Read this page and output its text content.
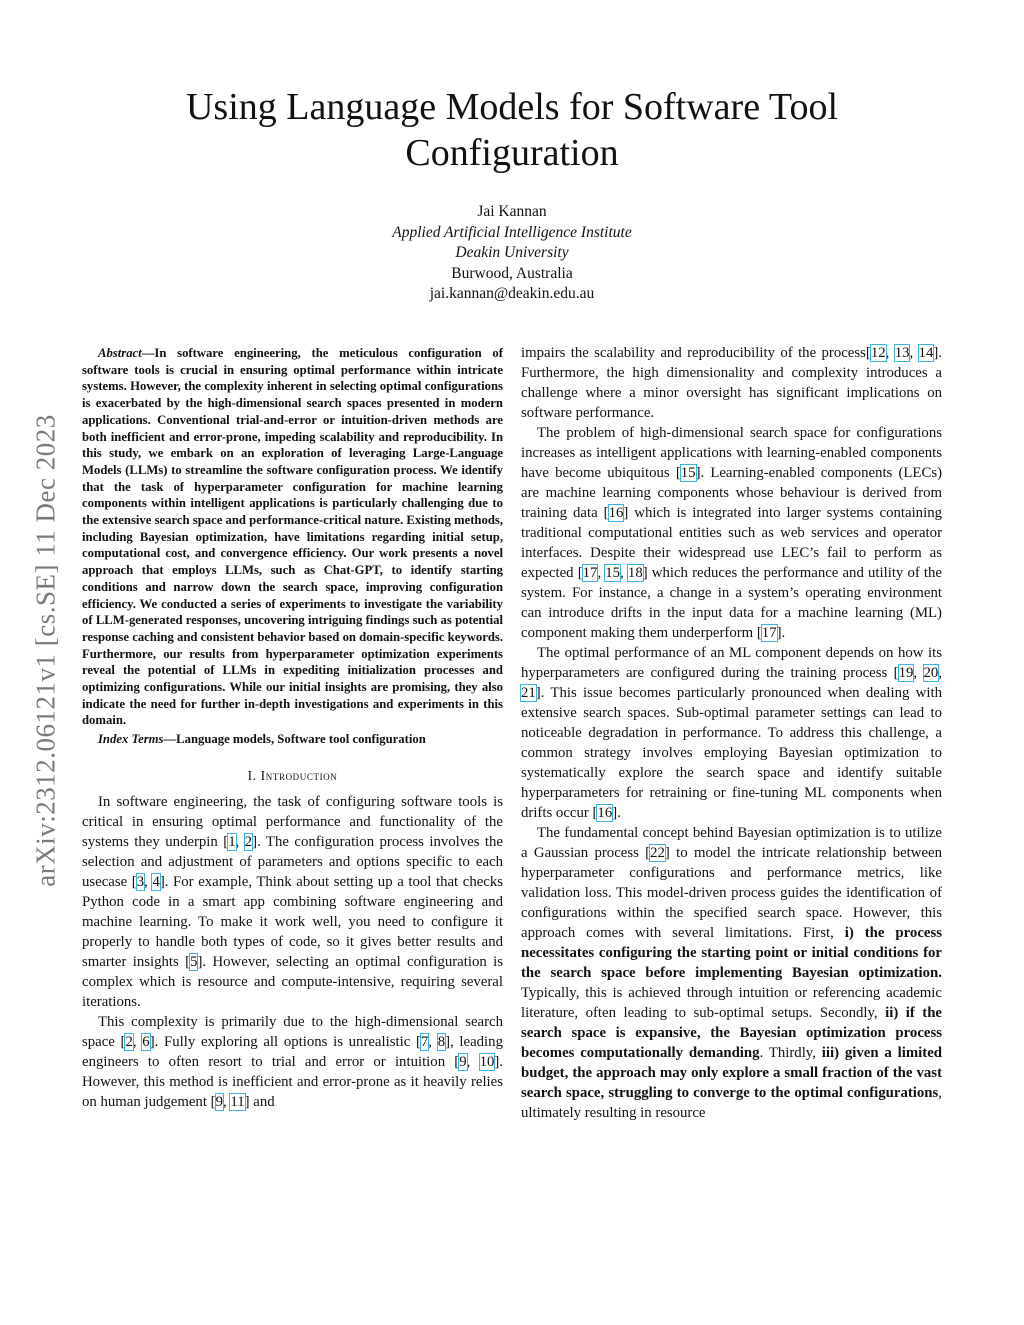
Using Language Models for Software Tool
Configuration
Jai Kannan
Applied Artificial Intelligence Institute
Deakin University
Burwood, Australia
jai.kannan@deakin.edu.au
arXiv:2312.06121v1 [cs.SE] 11 Dec 2023

Abstract—In software engineering, the meticulous configuration of software tools is crucial in ensuring optimal performance within intricate systems. However, the complexity inherent in selecting optimal configurations is exacerbated by the high-dimensional search spaces presented in modern applications. Conventional trial-and-error or intuition-driven methods are both inefficient and error-prone, impeding scalability and reproducibility. In this study, we embark on an exploration of leveraging Large-Language Models (LLMs) to streamline the software configuration process. We identify that the task of hyperparameter configuration for machine learning components within intelligent applications is particularly challenging due to the extensive search space and performance-critical nature. Existing methods, including Bayesian optimization, have limitations regarding initial setup, computational cost, and convergence efficiency. Our work presents a novel approach that employs LLMs, such as Chat-GPT, to identify starting conditions and narrow down the search space, improving configuration efficiency. We conducted a series of experiments to investigate the variability of LLM-generated responses, uncovering intriguing findings such as potential response caching and consistent behavior based on domain-specific keywords. Furthermore, our results from hyperparameter optimization experiments reveal the potential of LLMs in expediting initialization processes and optimizing configurations. While our initial insights are promising, they also indicate the need for further in-depth investigations and experiments in this domain.

Index Terms—Language models, Software tool configuration

I. Introduction

In software engineering, the task of configuring software tools is critical in ensuring optimal performance and functionality of the systems they underpin [1, 2]. The configuration process involves the selection and adjustment of parameters and options specific to each usecase [3, 4]. For example, Think about setting up a tool that checks Python code in a smart app combining software engineering and machine learning. To make it work well, you need to configure it properly to handle both types of code, so it gives better results and smarter insights [5]. However, selecting an optimal configuration is complex which is resource and compute-intensive, requiring several iterations.

This complexity is primarily due to the high-dimensional search space [2, 6]. Fully exploring all options is unrealistic [7, 8], leading engineers to often resort to trial and error or intuition [9, 10]. However, this method is inefficient and error-prone as it heavily relies on human judgement [9, 11] and

impairs the scalability and reproducibility of the process[12, 13, 14]. Furthermore, the high dimensionality and complexity introduces a challenge where a minor oversight has significant implications on software performance.

The problem of high-dimensional search space for configurations increases as intelligent applications with learning-enabled components have become ubiquitous [15]. Learning-enabled components (LECs) are machine learning components whose behaviour is derived from training data [16] which is integrated into larger systems containing traditional computational entities such as web services and operator interfaces. Despite their widespread use LEC’s fail to perform as expected [17, 15, 18] which reduces the performance and utility of the system. For instance, a change in a system’s operating environment can introduce drifts in the input data for a machine learning (ML) component making them underperform [17].

The optimal performance of an ML component depends on how its hyperparameters are configured during the training process [19, 20, 21]. This issue becomes particularly pronounced when dealing with extensive search spaces. Sub-optimal parameter settings can lead to noticeable degradation in performance. To address this challenge, a common strategy involves employing Bayesian optimization to systematically explore the search space and identify suitable hyperparameters for retraining or fine-tuning ML components when drifts occur [16].

The fundamental concept behind Bayesian optimization is to utilize a Gaussian process [22] to model the intricate relationship between hyperparameter configurations and performance metrics, like validation loss. This model-driven process guides the identification of configurations within the specified search space. However, this approach comes with several limitations. First, i) the process necessitates configuring the starting point or initial conditions for the search space before implementing Bayesian optimization. Typically, this is achieved through intuition or referencing academic literature, often leading to sub-optimal setups. Secondly, ii) if the search space is expansive, the Bayesian optimization process becomes computationally demanding. Thirdly, iii) given a limited budget, the approach may only explore a small fraction of the vast search space, struggling to converge to the optimal configurations, ultimately resulting in resource
